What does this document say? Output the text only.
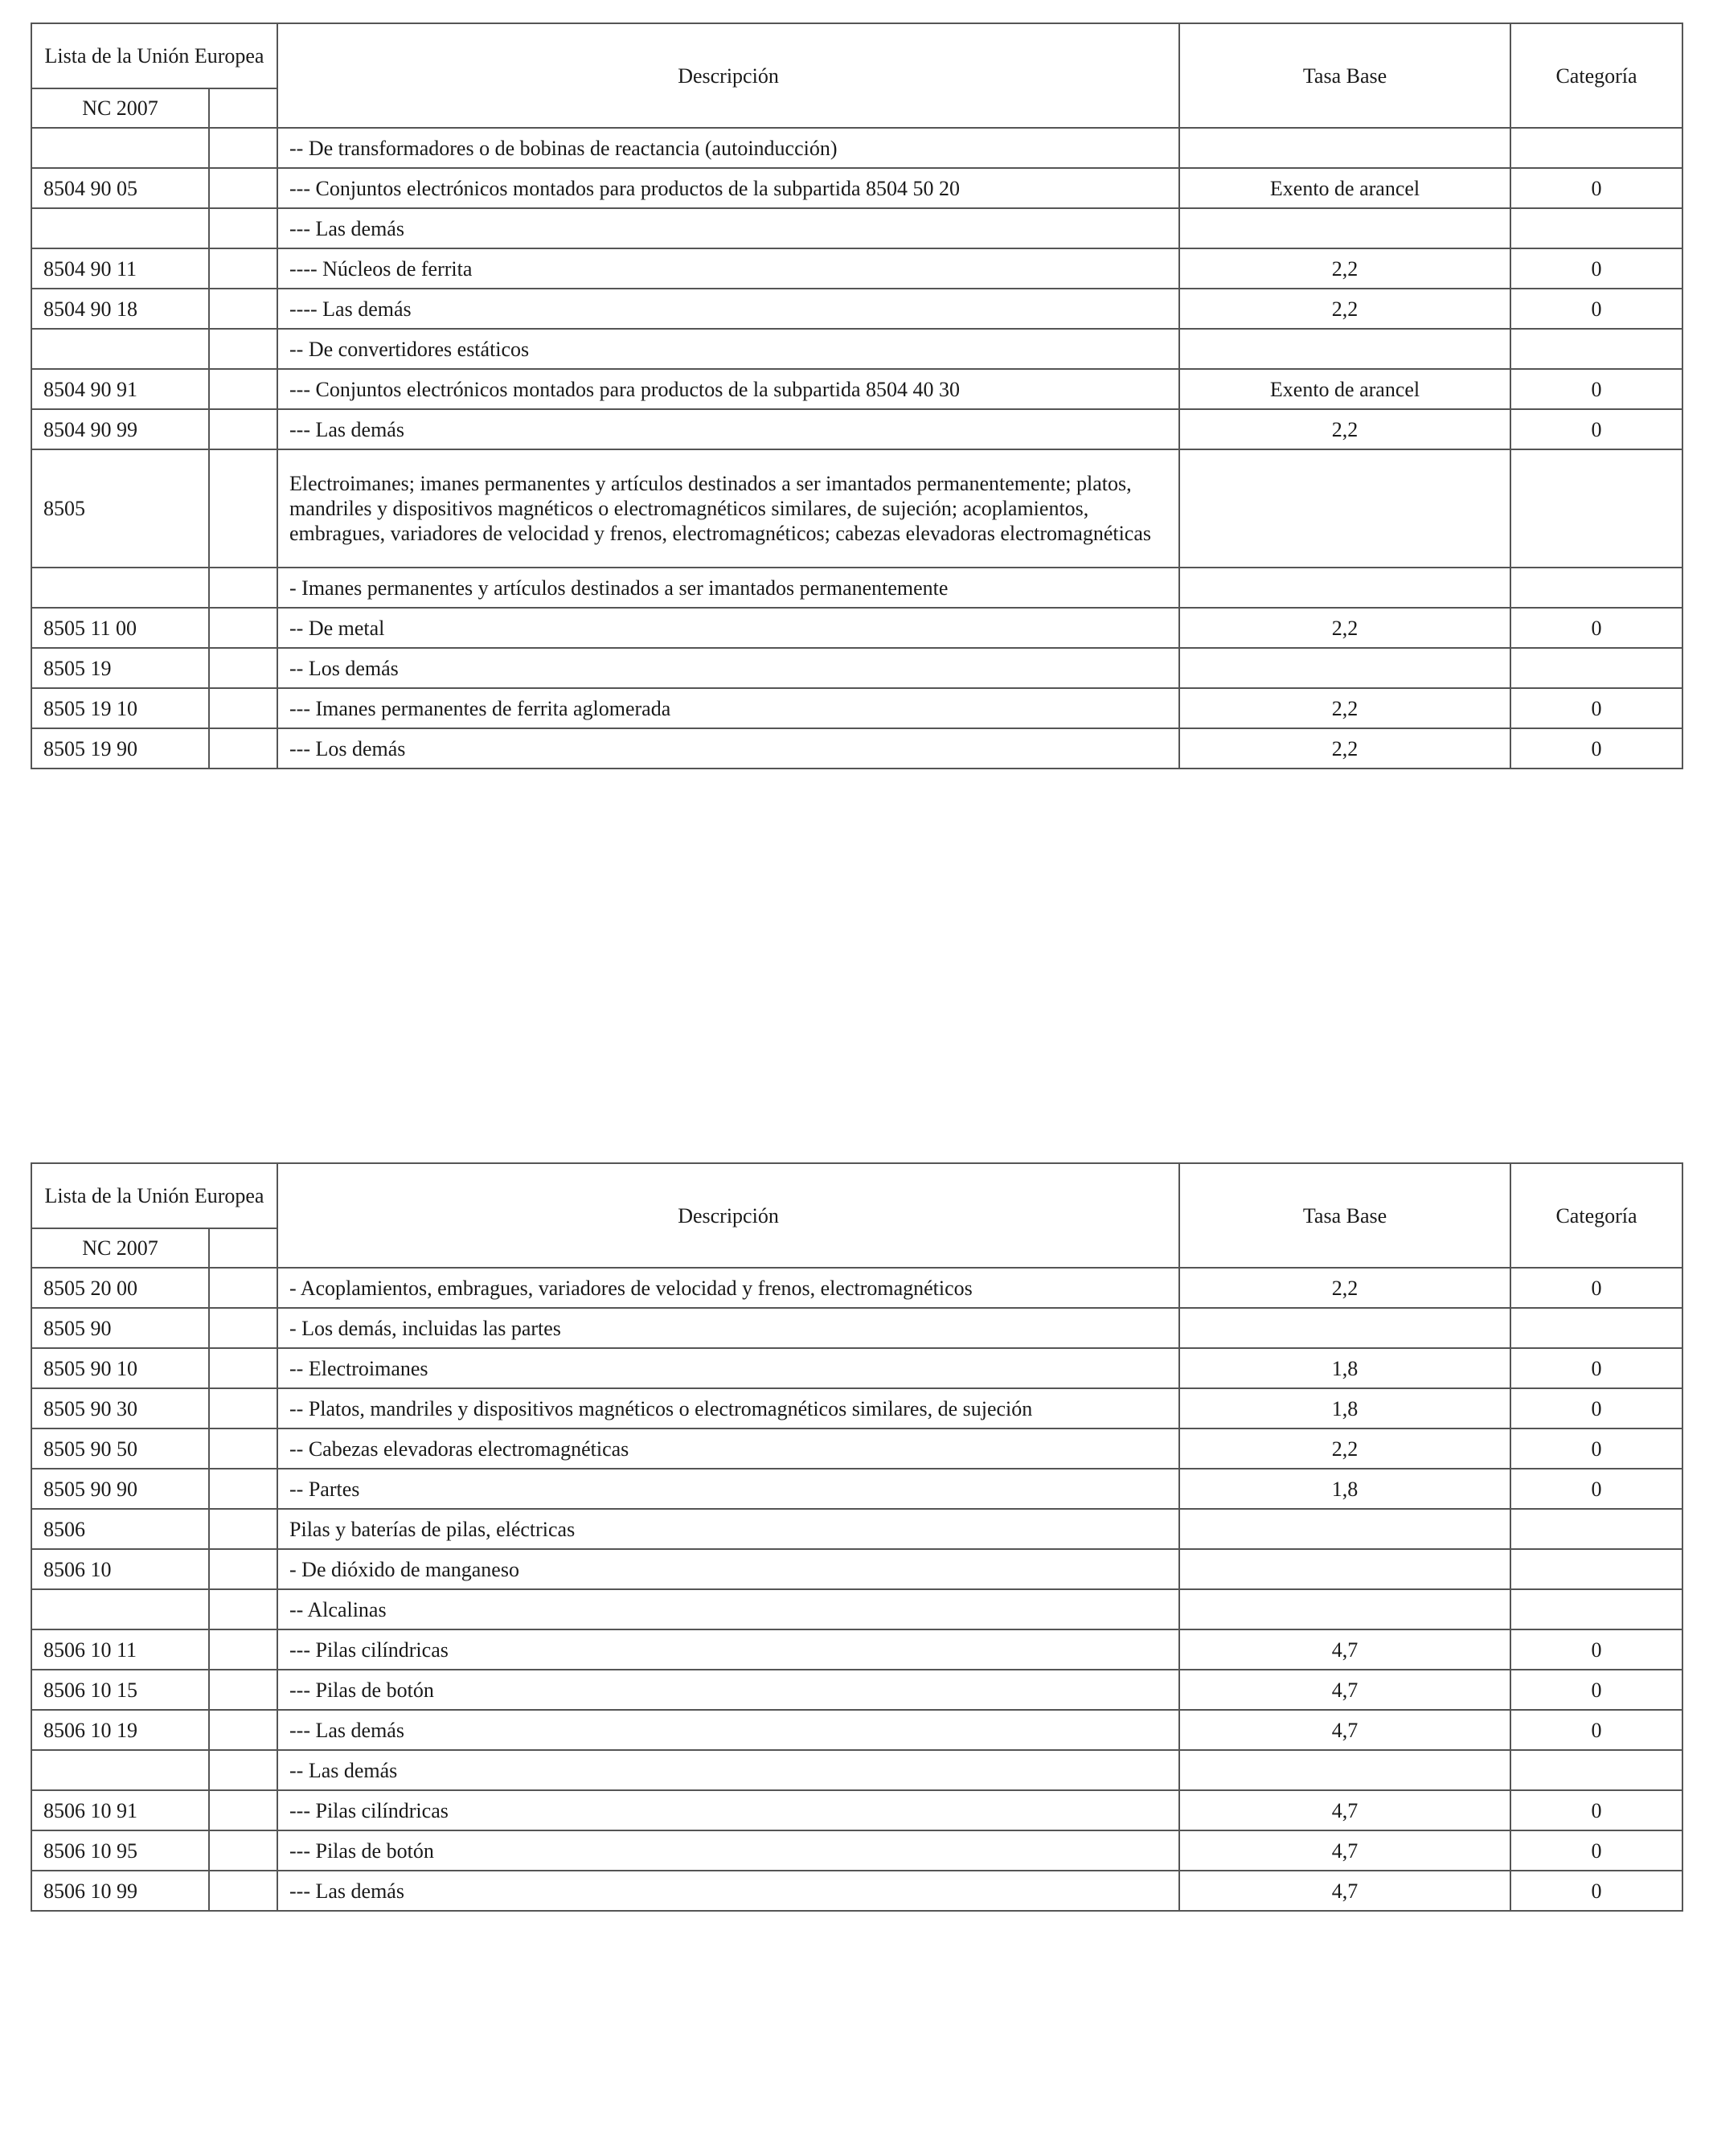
Lista de la Unión Europea		Descripción	Tasa Base	Categoría
NC 2007				
		-- De transformadores o de bobinas de reactancia (autoinducción)		
8504 90 05		--- Conjuntos electrónicos montados para productos de la subpartida 8504 50 20	Exento de arancel	0
		--- Las demás		
8504 90 11		---- Núcleos de ferrita	2,2	0
8504 90 18		---- Las demás	2,2	0
		-- De convertidores estáticos		
8504 90 91		--- Conjuntos electrónicos montados para productos de la subpartida 8504 40 30	Exento de arancel	0
8504 90 99		--- Las demás	2,2	0
8505		Electroimanes; imanes permanentes y artículos destinados a ser imantados permanentemente; platos, mandriles y dispositivos magnéticos o electromagnéticos similares, de sujeción; acoplamientos, embragues, variadores de velocidad y frenos, electromagnéticos; cabezas elevadoras electromagnéticas		
		- Imanes permanentes y artículos destinados a ser imantados permanentemente		
8505 11 00		-- De metal	2,2	0
8505 19		-- Los demás		
8505 19 10		--- Imanes permanentes de ferrita aglomerada	2,2	0
8505 19 90		--- Los demás	2,2	0
Lista de la Unión Europea		Descripción	Tasa Base	Categoría
NC 2007				
8505 20 00		- Acoplamientos, embragues, variadores de velocidad y frenos, electromagnéticos	2,2	0
8505 90		- Los demás, incluidas las partes		
8505 90 10		-- Electroimanes	1,8	0
8505 90 30		-- Platos, mandriles y dispositivos magnéticos o electromagnéticos similares, de sujeción	1,8	0
8505 90 50		-- Cabezas elevadoras electromagnéticas	2,2	0
8505 90 90		-- Partes	1,8	0
8506		Pilas y baterías de pilas, eléctricas		
8506 10		- De dióxido de manganeso		
		-- Alcalinas		
8506 10 11		--- Pilas cilíndricas	4,7	0
8506 10 15		--- Pilas de botón	4,7	0
8506 10 19		--- Las demás	4,7	0
		-- Las demás		
8506 10 91		--- Pilas cilíndricas	4,7	0
8506 10 95		--- Pilas de botón	4,7	0
8506 10 99		--- Las demás	4,7	0
